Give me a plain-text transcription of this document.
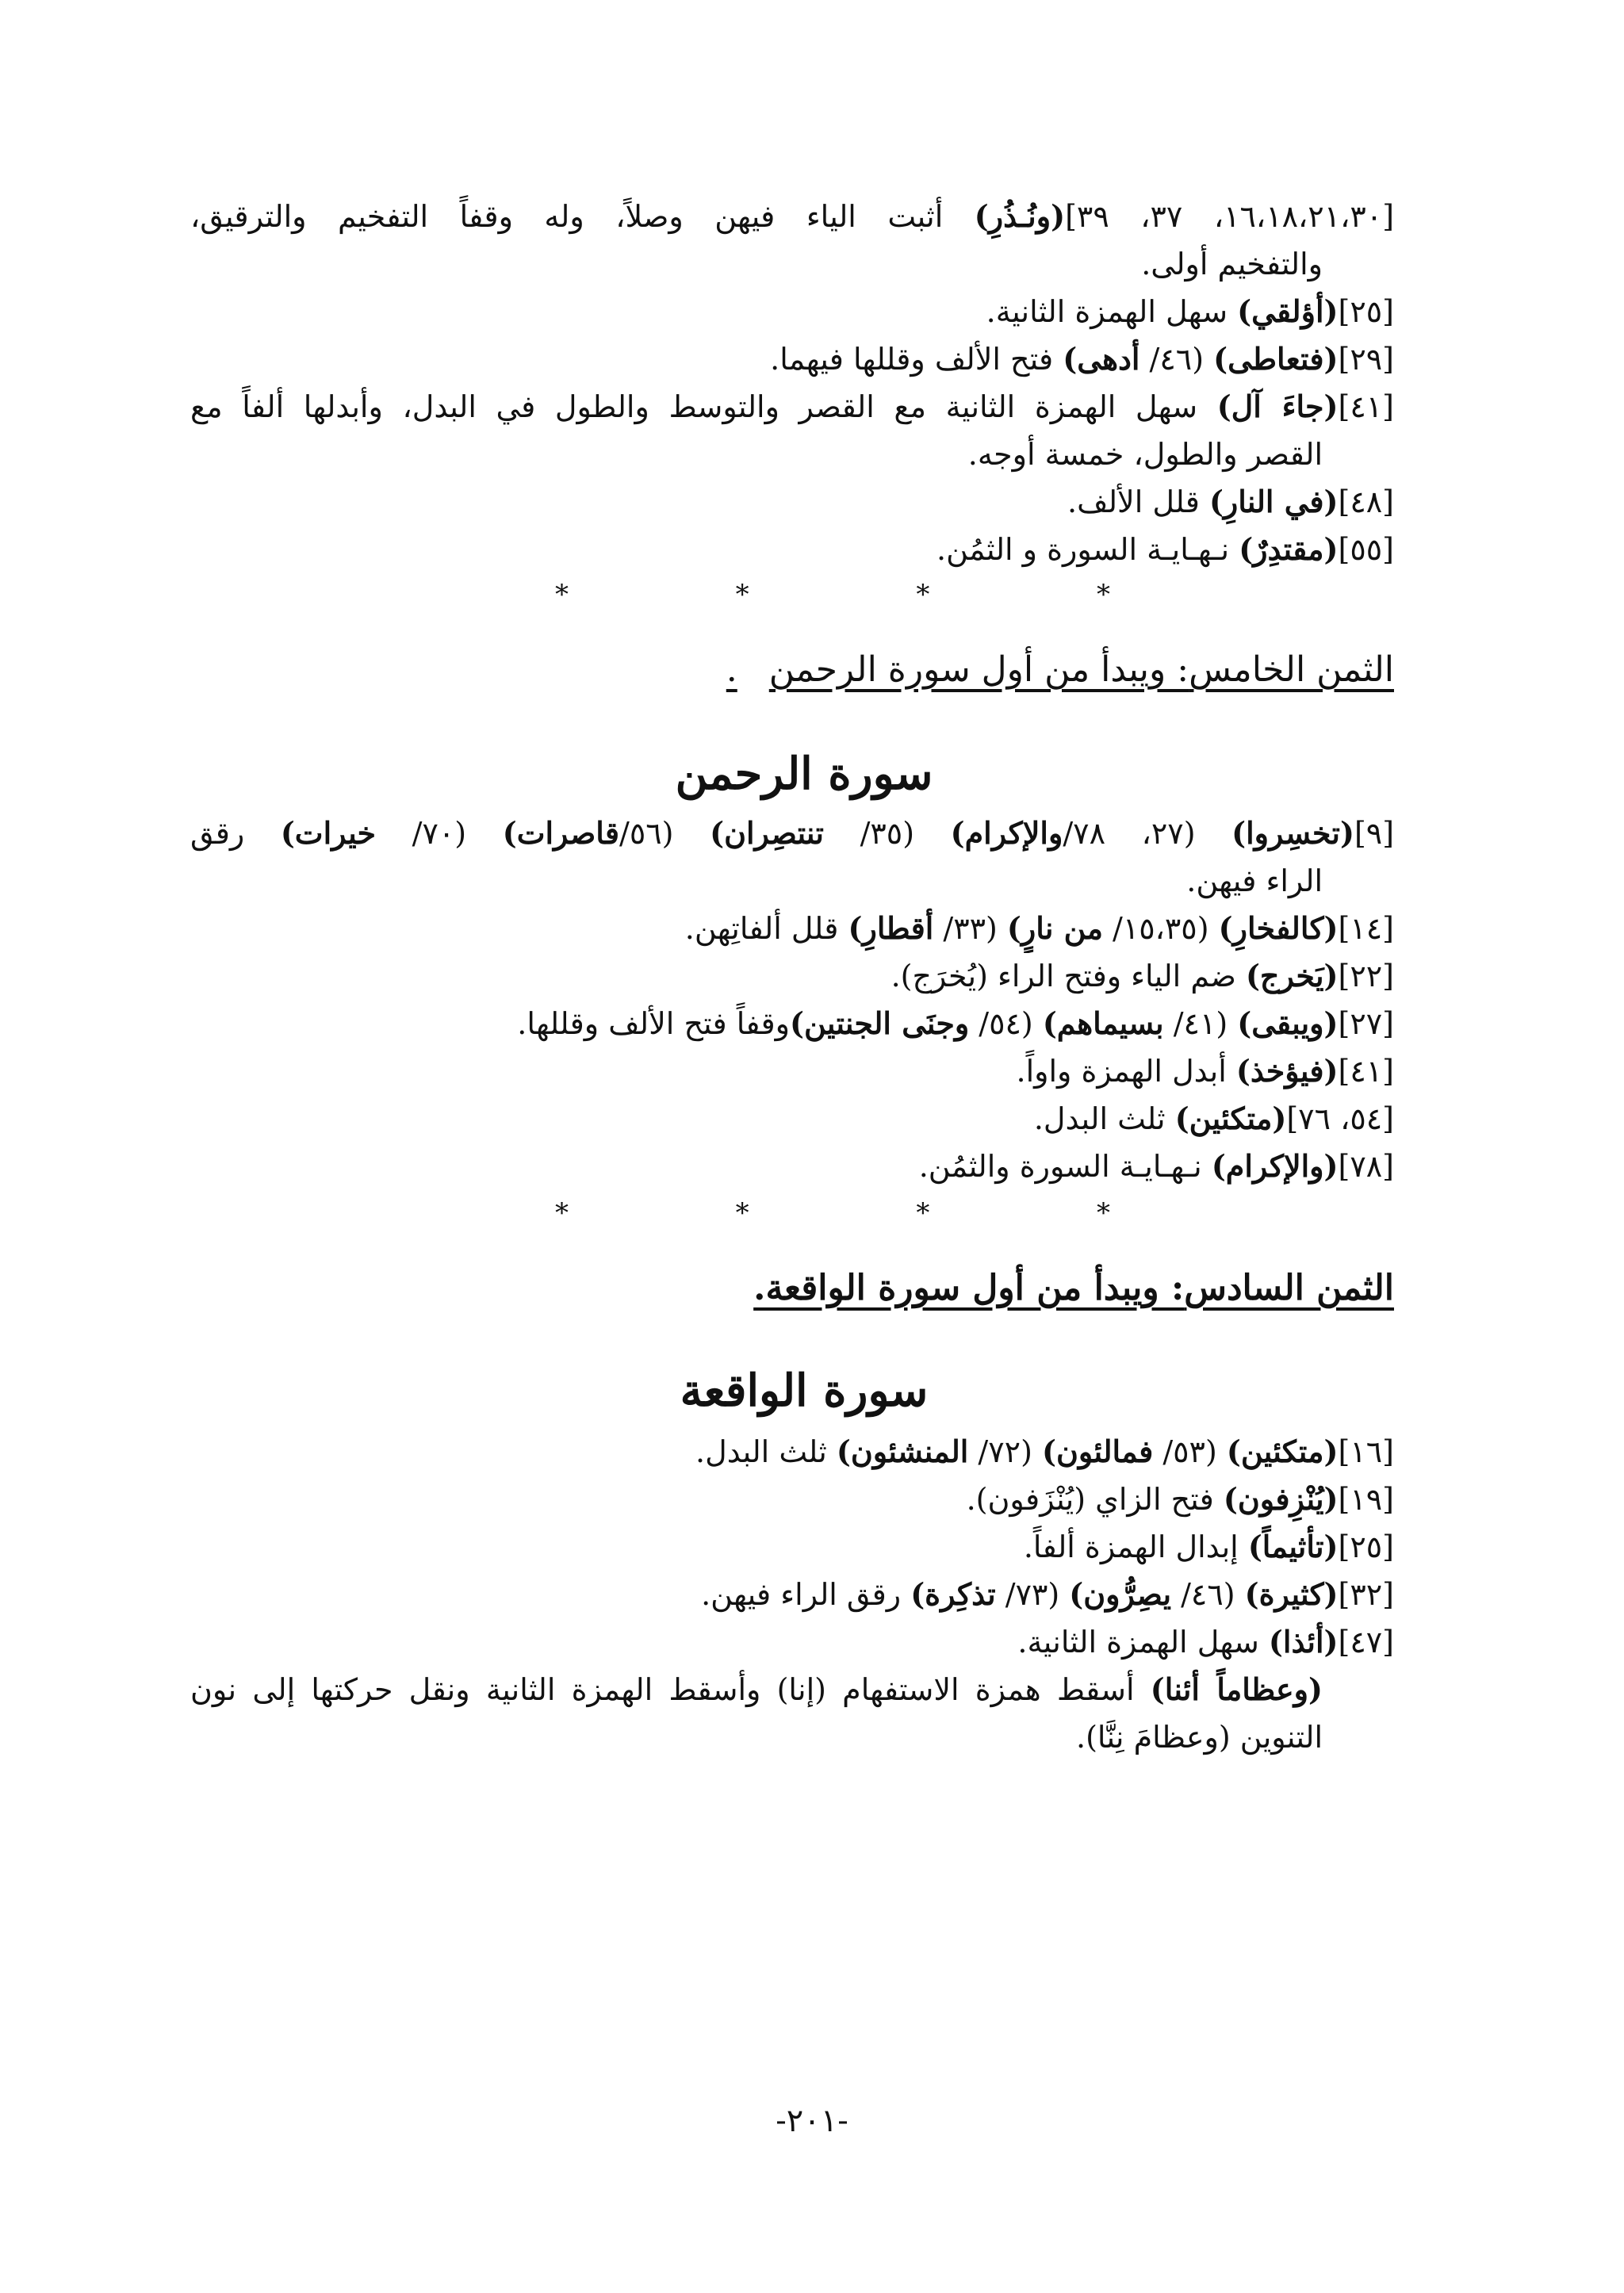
[١٦،١٨،٢١،٣٠، ٣٧، ٣٩](ونُـذُرِ) أثبت الياء فيهن وصلاً، وله وقفاً التفخيم والترقيق،

والتفخيم أولى.

[٢٥](أؤلقي) سهل الهمزة الثانية.

[٢٩](فتعاطى) (٤٦/ أدهى) فتح الألف وقللها فيهما.

[٤١](جاءَ آل) سهل الهمزة الثانية مع القصر والتوسط والطول في البدل، وأبدلها ألفاً مع

القصر والطول، خمسة أوجه.

[٤٨](في النارِ) قلل الألف.

[٥٥](مقتدِرٌ) نـهـايـة السورة و الثمُن.

*	*	*	*
الثمن الخامس: ويبدأ من أول سورة الرحمن.
سورة الرحمن

[٩](تخسِروا) (٢٧، ٧٨/والإكرام) (٣٥/ تنتصِران) (٥٦/قاصرات) (٧٠/ خيرات) رقق

الراء فيهن.

[١٤](كالفخارِ) (١٥،٣٥/ من نارٍ) (٣٣/ أقطارِ) قلل ألفاتِهن.

[٢٢](يَخرج) ضم الياء وفتح الراء (يُخرَج).

[٢٧](ويبقى) (٤١/ بسيماهم) (٥٤/ وجنَى الجنتين)وقفاً فتح الألف وقللها.

[٤١](فيؤخذ) أبدل الهمزة واواً.

[٥٤، ٧٦](متكئين) ثلث البدل.

[٧٨](والإكرام) نـهـايـة السورة والثمُن.

*	*	*	*
الثمن السادس: ويبدأ من أول سورة الواقعة.
سورة الواقعة

[١٦](متكئين) (٥٣/ فمالئون) (٧٢/ المنشئون) ثلث البدل.

[١٩](يُنْزِفون) فتح الزاي (يُنْزَفون).

[٢٥](تأثيماً) إبدال الهمزة ألفاً.

[٣٢](كثيرة) (٤٦/ يصِرُّون) (٧٣/ تذكِرة) رقق الراء فيهن.

[٤٧](أئذا) سهل الهمزة الثانية.

(وعظاماً أئنا) أسقط همزة الاستفهام (إنا) وأسقط الهمزة الثانية ونقل حركتها إلى نون

التنوين (وعظامَ نِنَّا).

-٢٠١-
